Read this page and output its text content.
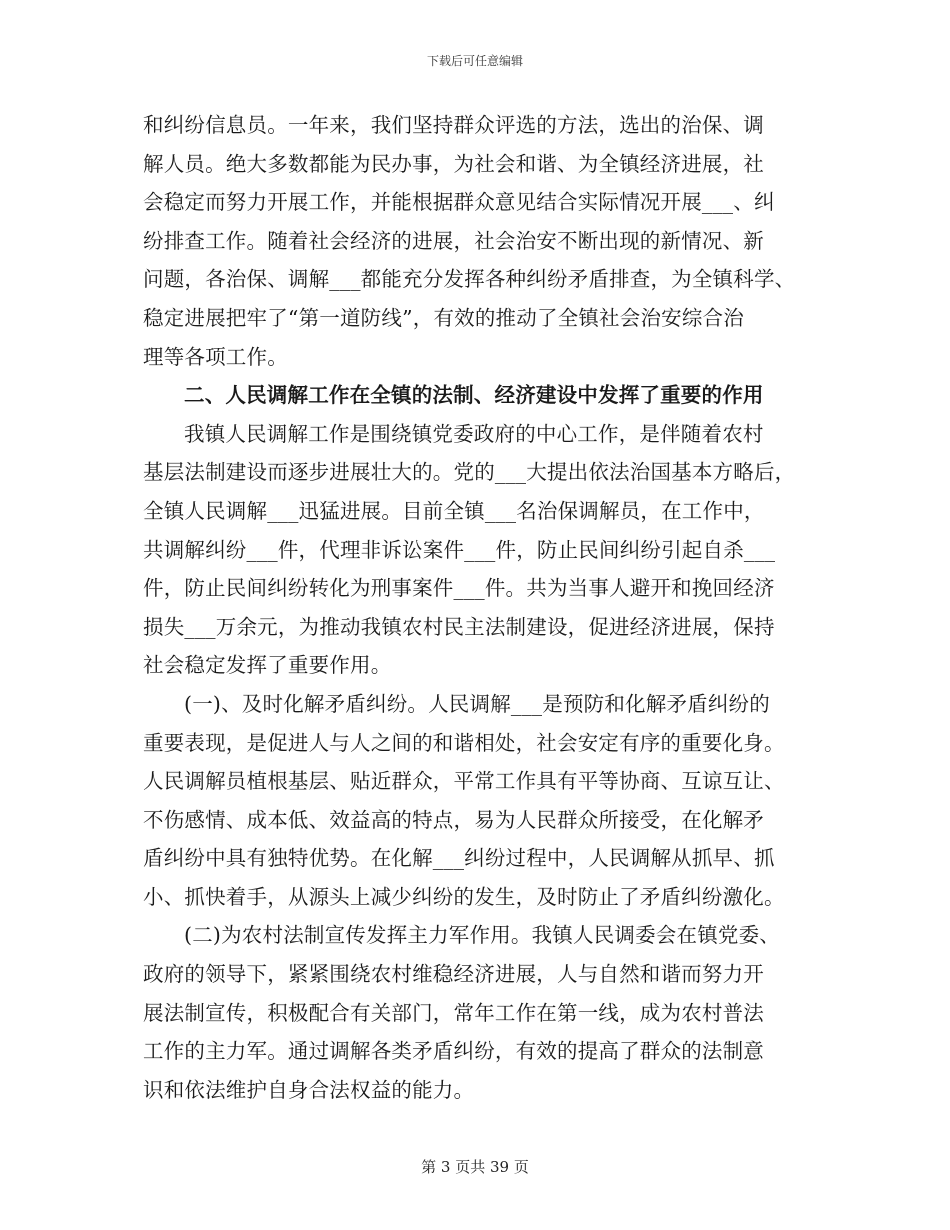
下载后可任意编辑
和纠纷信息员。一年来，我们坚持群众评选的方法，选出的治保、调
解人员。绝大多数都能为民办事，为社会和谐、为全镇经济进展，社
会稳定而努力开展工作，并能根据群众意见结合实际情况开展___、纠
纷排查工作。随着社会经济的进展，社会治安不断出现的新情况、新
问题，各治保、调解___都能充分发挥各种纠纷矛盾排查，为全镇科学、
稳定进展把牢了“第一道防线”，有效的推动了全镇社会治安综合治
理等各项工作。
二、人民调解工作在全镇的法制、经济建设中发挥了重要的作用
我镇人民调解工作是围绕镇党委政府的中心工作，是伴随着农村
基层法制建设而逐步进展壮大的。党的___大提出依法治国基本方略后，
全镇人民调解___迅猛进展。目前全镇___名治保调解员，在工作中，
共调解纠纷___件，代理非诉讼案件___件，防止民间纠纷引起自杀___
件，防止民间纠纷转化为刑事案件___件。共为当事人避开和挽回经济
损失___万余元，为推动我镇农村民主法制建设，促进经济进展，保持
社会稳定发挥了重要作用。
(一)、及时化解矛盾纠纷。人民调解___是预防和化解矛盾纠纷的
重要表现，是促进人与人之间的和谐相处，社会安定有序的重要化身。
人民调解员植根基层、贴近群众，平常工作具有平等协商、互谅互让、
不伤感情、成本低、效益高的特点，易为人民群众所接受，在化解矛
盾纠纷中具有独特优势。在化解___纠纷过程中，人民调解从抓早、抓
小、抓快着手，从源头上减少纠纷的发生，及时防止了矛盾纠纷激化。
(二)为农村法制宣传发挥主力军作用。我镇人民调委会在镇党委、
政府的领导下，紧紧围绕农村维稳经济进展，人与自然和谐而努力开
展法制宣传，积极配合有关部门，常年工作在第一线，成为农村普法
工作的主力军。通过调解各类矛盾纠纷，有效的提高了群众的法制意
识和依法维护自身合法权益的能力。
第 3 页共 39 页
